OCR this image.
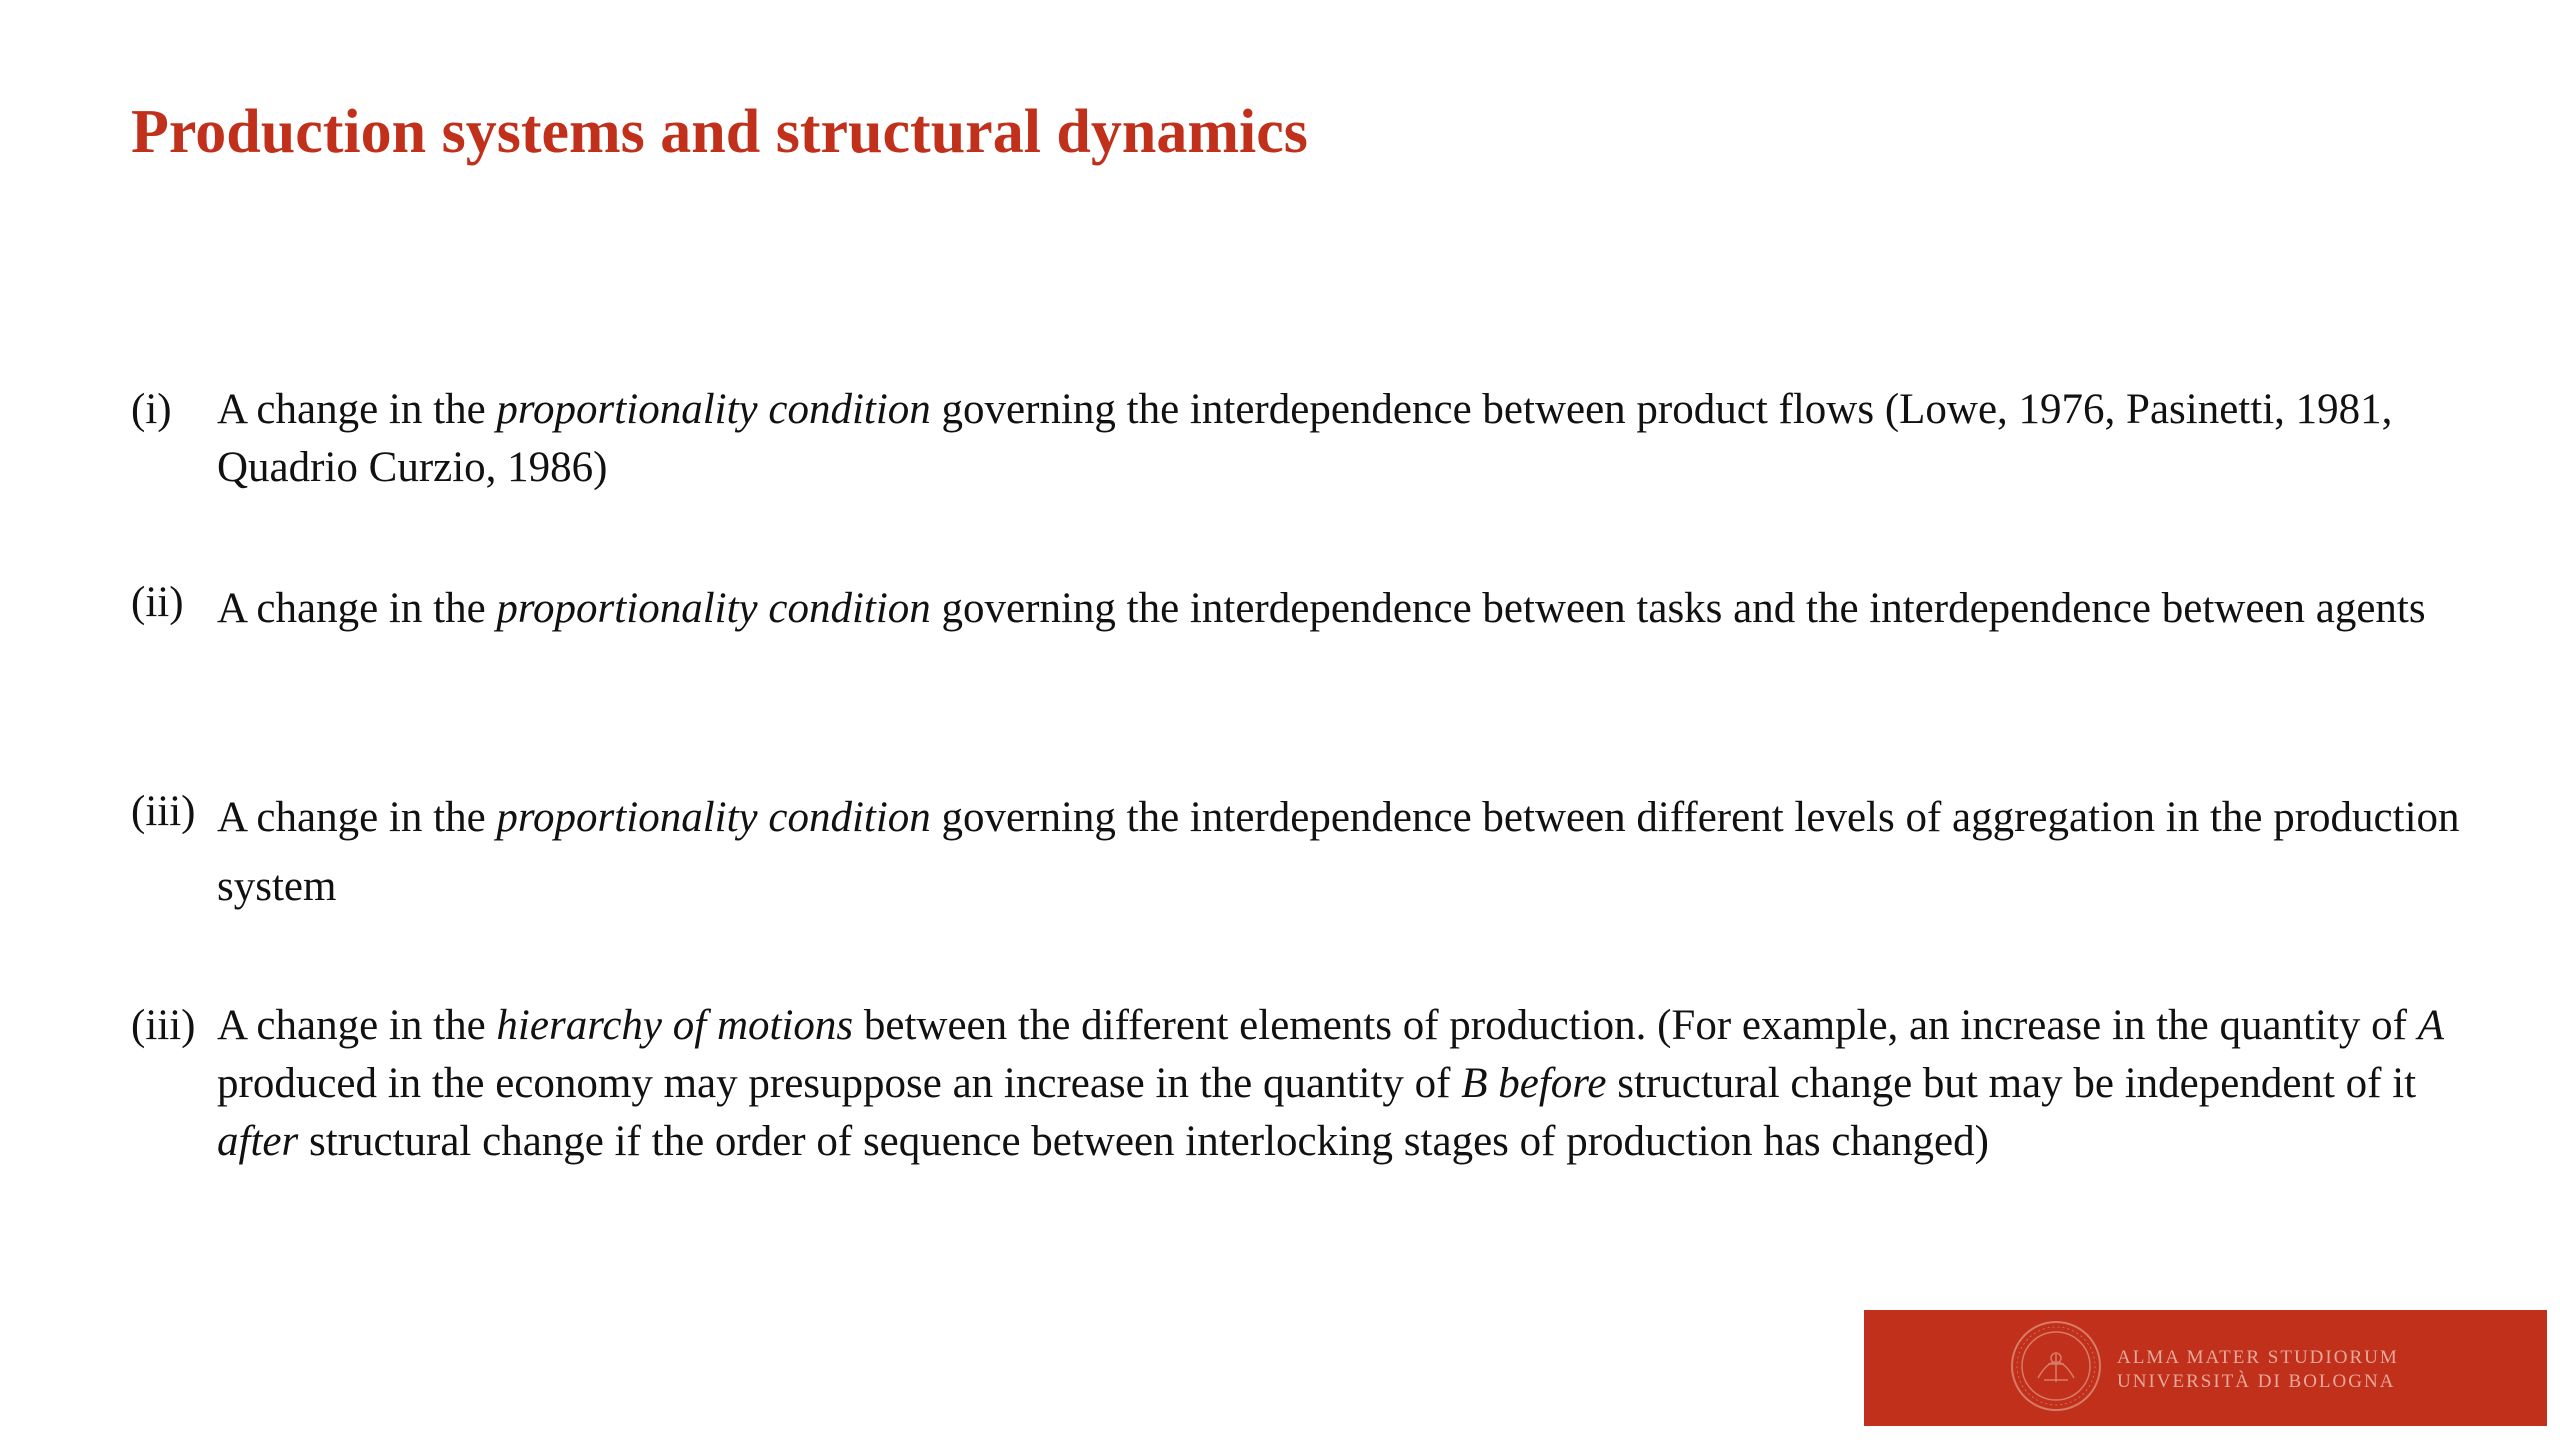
Production systems and structural dynamics
(i) A change in the proportionality condition governing the interdependence between product flows (Lowe, 1976, Pasinetti, 1981, Quadrio Curzio, 1986)

(ii) A change in the proportionality condition governing the interdependence between tasks and the interdependence between agents

(iii) A change in the proportionality condition governing the interdependence between different levels of aggregation in the production system

(iii) A change in the hierarchy of motions between the different elements of production. (For example, an increase in the quantity of A produced in the economy may presuppose an increase in the quantity of B before structural change but may be independent of it after structural change if the order of sequence between interlocking stages of production has changed)

ALMA MATER STUDIORUM
UNIVERSITÀ DI BOLOGNA
